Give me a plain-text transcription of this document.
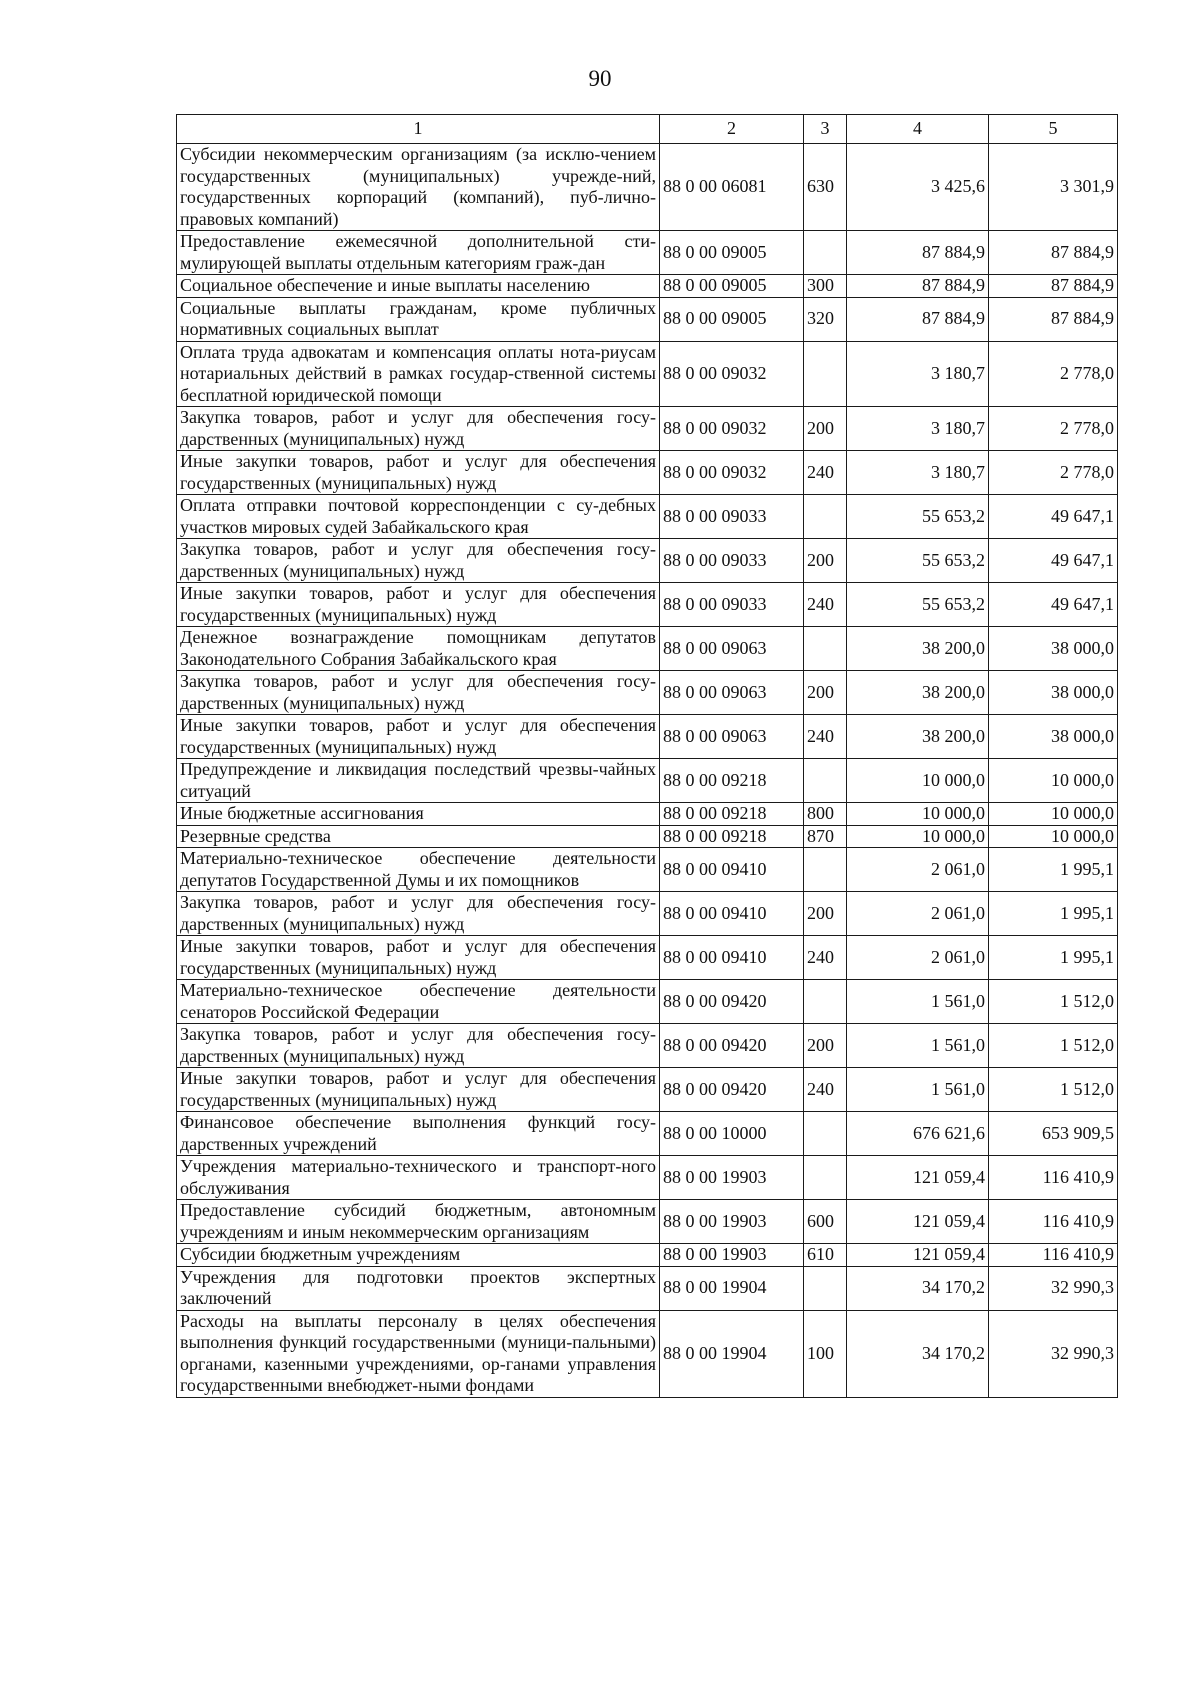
90
1	2	3	4	5
Субсидии некоммерческим организациям (за исклю-чением государственных (муниципальных) учрежде-ний, государственных корпораций (компаний), пуб-лично-правовых компаний)	88 0 00 06081	630	3 425,6	3 301,9
Предоставление ежемесячной дополнительной сти-мулирующей выплаты отдельным категориям граж-дан	88 0 00 09005		87 884,9	87 884,9
Социальное обеспечение и иные выплаты населению	88 0 00 09005	300	87 884,9	87 884,9
Социальные выплаты гражданам, кроме публичных нормативных социальных выплат	88 0 00 09005	320	87 884,9	87 884,9
Оплата труда адвокатам и компенсация оплаты нота-риусам нотариальных действий в рамках государ-ственной системы бесплатной юридической помощи	88 0 00 09032		3 180,7	2 778,0
Закупка товаров, работ и услуг для обеспечения госу-дарственных (муниципальных) нужд	88 0 00 09032	200	3 180,7	2 778,0
Иные закупки товаров, работ и услуг для обеспечения государственных (муниципальных) нужд	88 0 00 09032	240	3 180,7	2 778,0
Оплата отправки почтовой корреспонденции с су-дебных участков мировых судей Забайкальского края	88 0 00 09033		55 653,2	49 647,1
Закупка товаров, работ и услуг для обеспечения госу-дарственных (муниципальных) нужд	88 0 00 09033	200	55 653,2	49 647,1
Иные закупки товаров, работ и услуг для обеспечения государственных (муниципальных) нужд	88 0 00 09033	240	55 653,2	49 647,1
Денежное вознаграждение помощникам депутатов Законодательного Собрания Забайкальского края	88 0 00 09063		38 200,0	38 000,0
Закупка товаров, работ и услуг для обеспечения госу-дарственных (муниципальных) нужд	88 0 00 09063	200	38 200,0	38 000,0
Иные закупки товаров, работ и услуг для обеспечения государственных (муниципальных) нужд	88 0 00 09063	240	38 200,0	38 000,0
Предупреждение и ликвидация последствий чрезвы-чайных ситуаций	88 0 00 09218		10 000,0	10 000,0
Иные бюджетные ассигнования	88 0 00 09218	800	10 000,0	10 000,0
Резервные средства	88 0 00 09218	870	10 000,0	10 000,0
Материально-техническое обеспечение деятельности депутатов Государственной Думы и их помощников	88 0 00 09410		2 061,0	1 995,1
Закупка товаров, работ и услуг для обеспечения госу-дарственных (муниципальных) нужд	88 0 00 09410	200	2 061,0	1 995,1
Иные закупки товаров, работ и услуг для обеспечения государственных (муниципальных) нужд	88 0 00 09410	240	2 061,0	1 995,1
Материально-техническое обеспечение деятельности сенаторов Российской Федерации	88 0 00 09420		1 561,0	1 512,0
Закупка товаров, работ и услуг для обеспечения госу-дарственных (муниципальных) нужд	88 0 00 09420	200	1 561,0	1 512,0
Иные закупки товаров, работ и услуг для обеспечения государственных (муниципальных) нужд	88 0 00 09420	240	1 561,0	1 512,0
Финансовое обеспечение выполнения функций госу-дарственных учреждений	88 0 00 10000		676 621,6	653 909,5
Учреждения материально-технического и транспорт-ного обслуживания	88 0 00 19903		121 059,4	116 410,9
Предоставление субсидий бюджетным, автономным учреждениям и иным некоммерческим организациям	88 0 00 19903	600	121 059,4	116 410,9
Субсидии бюджетным учреждениям	88 0 00 19903	610	121 059,4	116 410,9
Учреждения для подготовки проектов экспертных заключений	88 0 00 19904		34 170,2	32 990,3
Расходы на выплаты персоналу в целях обеспечения выполнения функций государственными (муници-пальными) органами, казенными учреждениями, ор-ганами управления государственными внебюджет-ными фондами	88 0 00 19904	100	34 170,2	32 990,3
